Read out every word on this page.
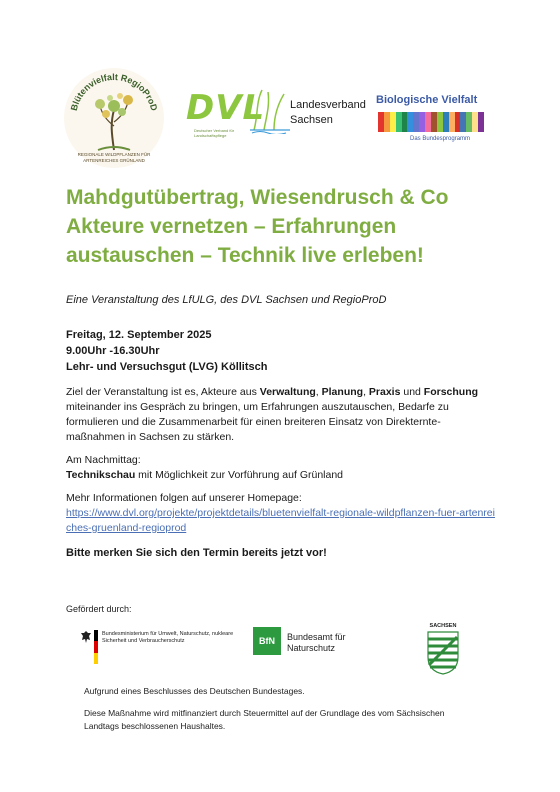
Blütenvielfalt RegioProD
REGIONALE WILDPFLANZEN FÜR ARTENREICHES GRÜNLAND
DVL
Deutscher Verband für Landschaftspflege
Landesverband
Sachsen
Biologische Vielfalt
Das Bundesprogramm
Mahdgutübertrag, Wiesendrusch & Co
Akteure vernetzen – Erfahrungen
austauschen – Technik live erleben!
Eine Veranstaltung des LfULG, des DVL Sachsen und RegioProD
Freitag, 12. September 2025
9.00Uhr -16.30Uhr
Lehr- und Versuchsgut (LVG) Köllitsch
Ziel der Veranstaltung ist es, Akteure aus Verwaltung, Planung, Praxis und Forschung miteinander ins Gespräch zu bringen, um Erfahrungen auszutauschen, Bedarfe zu formulieren und die Zusammenarbeit für einen breiteren Einsatz von Direkterntemaßnahmen in Sachsen zu stärken.
Am Nachmittag:
Technikschau mit Möglichkeit zur Vorführung auf Grünland
Mehr Informationen folgen auf unserer Homepage:
https://www.dvl.org/projekte/projektdetails/bluetenvielfalt-regionale-wildpflanzen-fuer-artenreiches-gruenland-regioprod
Bitte merken Sie sich den Termin bereits jetzt vor!
Gefördert durch:
Bundesministerium für Umwelt, Naturschutz, nukleare Sicherheit und Verbraucherschutz	BfN	Bundesamt für Naturschutz
SACHSEN
Aufgrund eines Beschlusses des Deutschen Bundestages.
Diese Maßnahme wird mitfinanziert durch Steuermittel auf der Grundlage des vom Sächsischen Landtags beschlossenen Haushaltes.
